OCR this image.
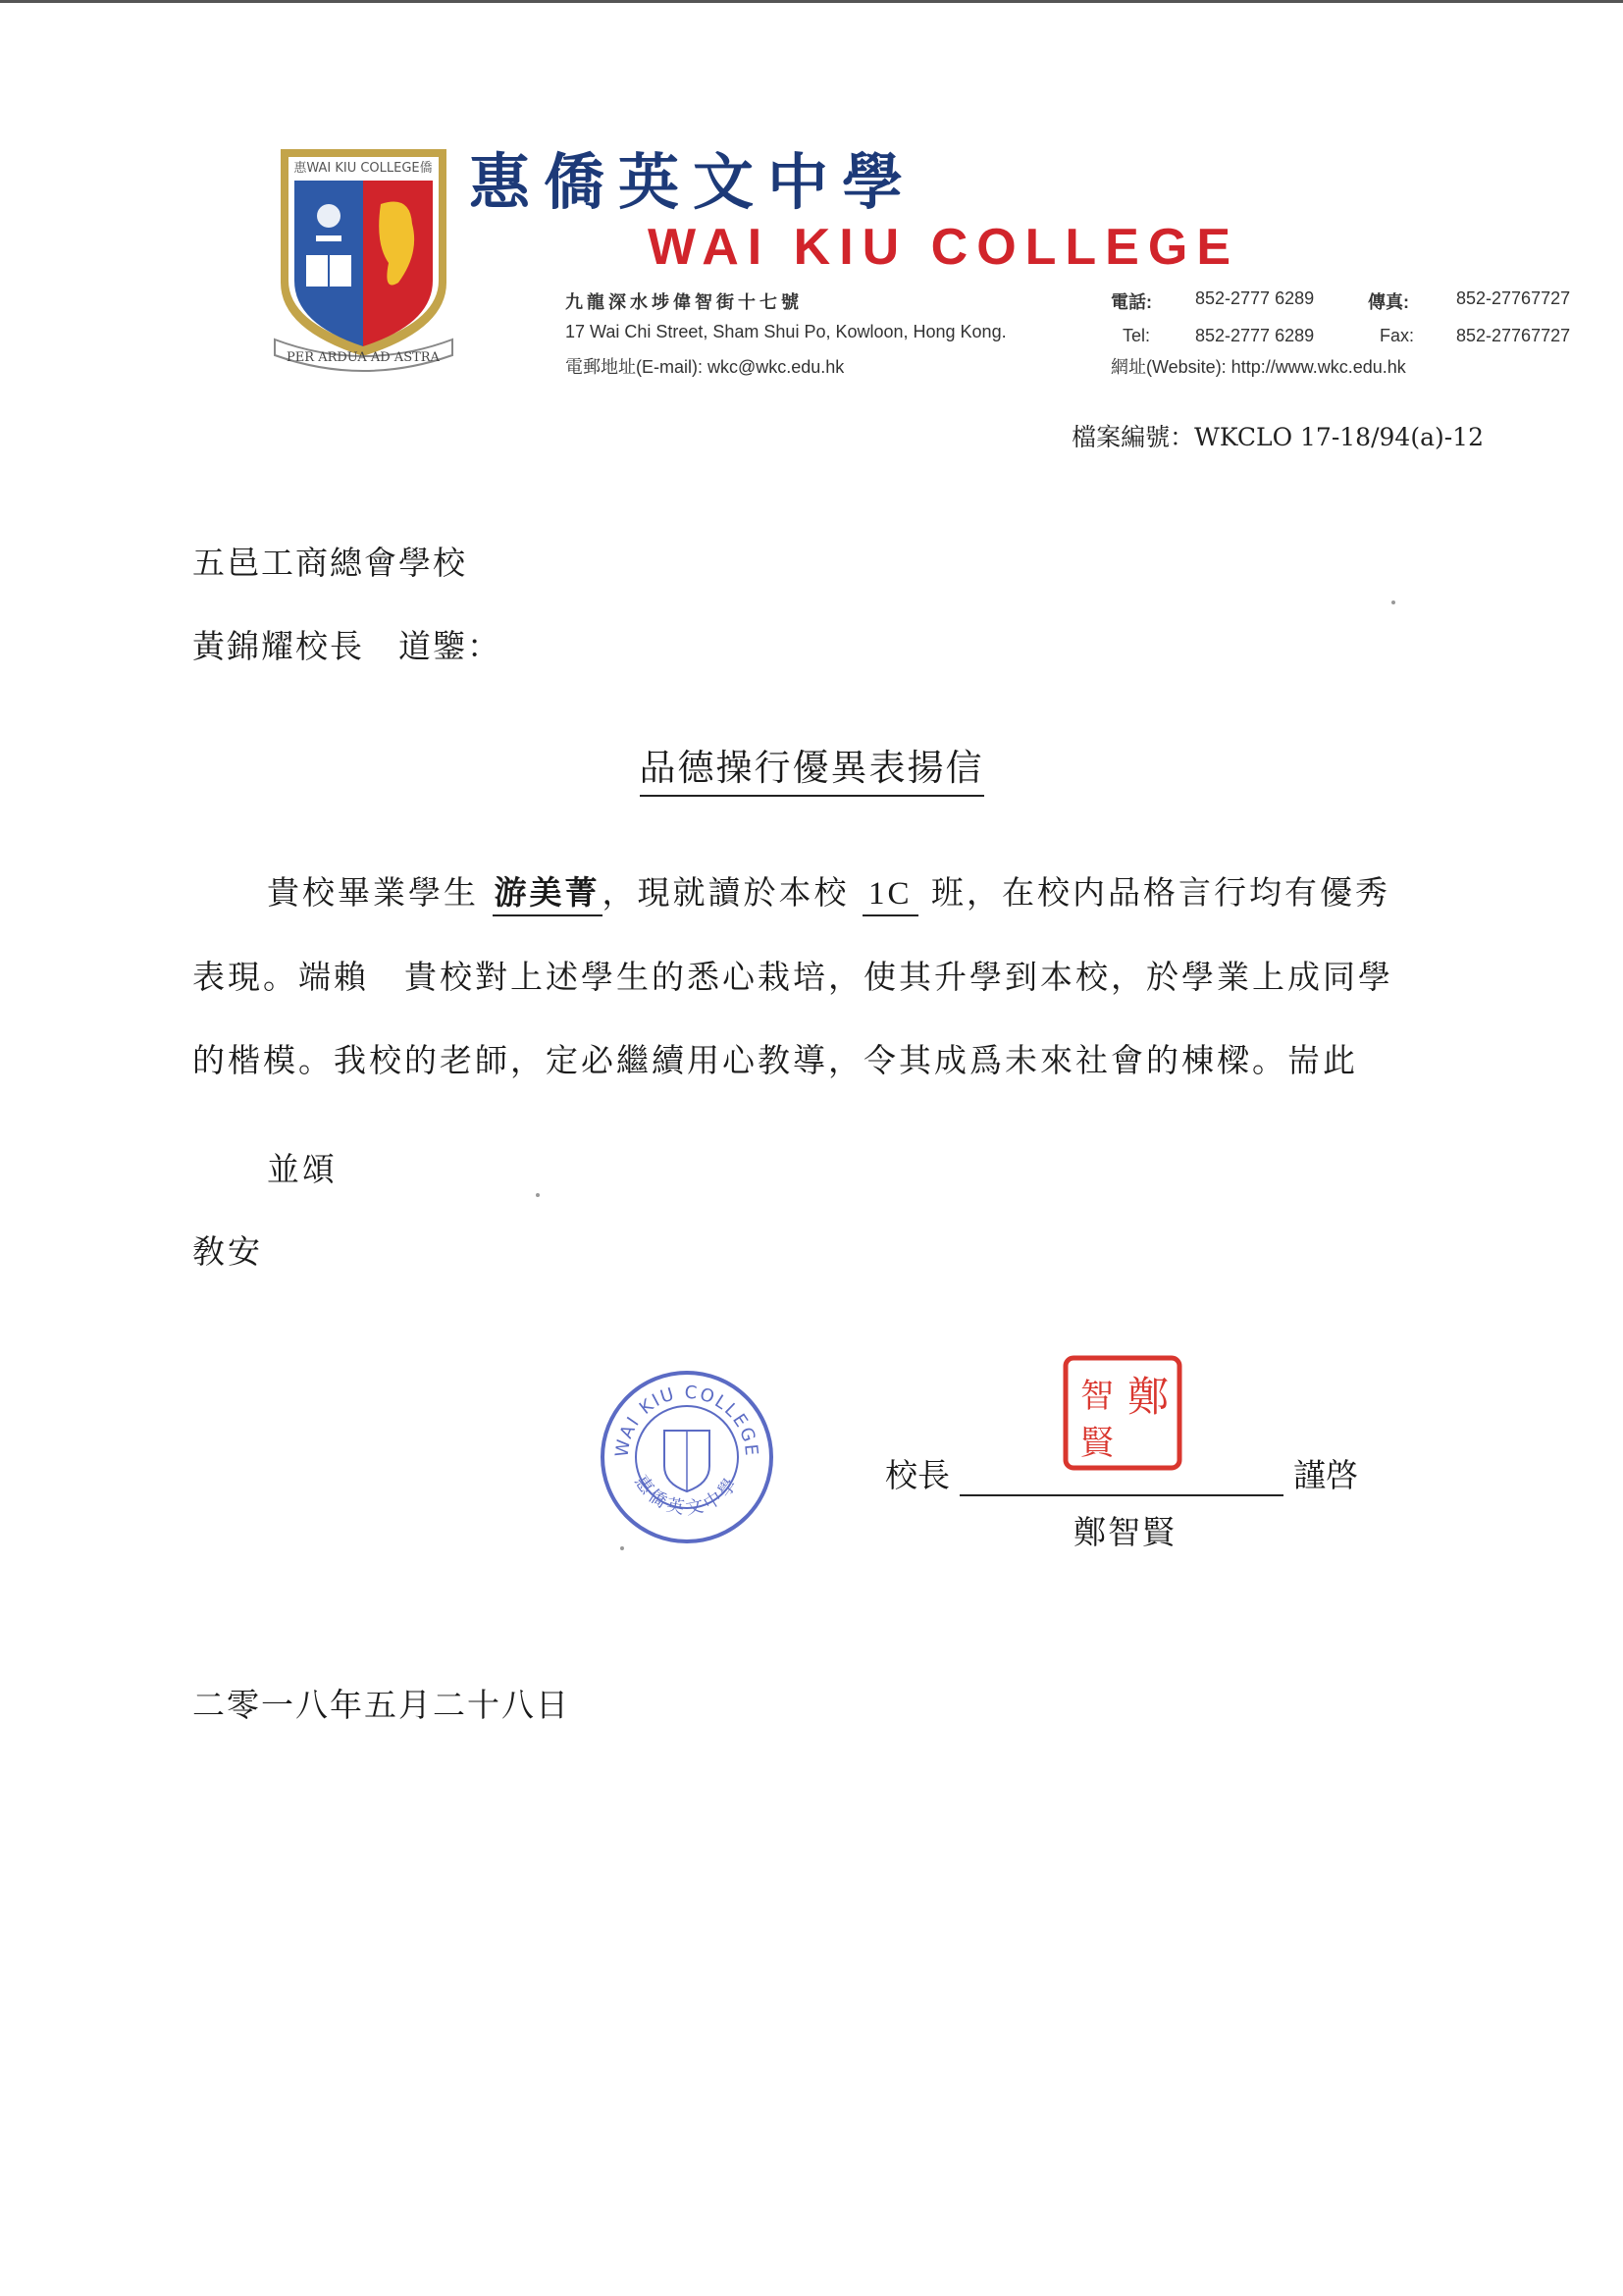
惠WAI KIU COLLEGE僑
PER ARDUA AD ASTRA
惠僑英文中學
WAI KIU COLLEGE
九龍深水埗偉智街十七號
17 Wai Chi Street, Sham Shui Po, Kowloon, Hong Kong.
電郵地址(E-mail): wkc@wkc.edu.hk
電話:	852-2777 6289	傳真:	852-27767727
Tel:	852-2777 6289	Fax:	852-27767727
網址(Website): http://www.wkc.edu.hk
檔案編號：WKCLO 17-18/94(a)-12
五邑工商總會學校
黃錦耀校長　道鑒：
品德操行優異表揚信
貴校畢業學生 游美菁，現就讀於本校 1C 班，在校内品格言行均有優秀
表現。端賴　貴校對上述學生的悉心栽培，使其升學到本校，於學業上成同學
的楷模。我校的老師，定必繼續用心教導，令其成爲未來社會的棟樑。耑此
並頌
敎安
WAI KIU COLLEGE
惠僑英文中學
鄭
智
賢
校長	謹啓
鄭智賢
二零一八年五月二十八日
